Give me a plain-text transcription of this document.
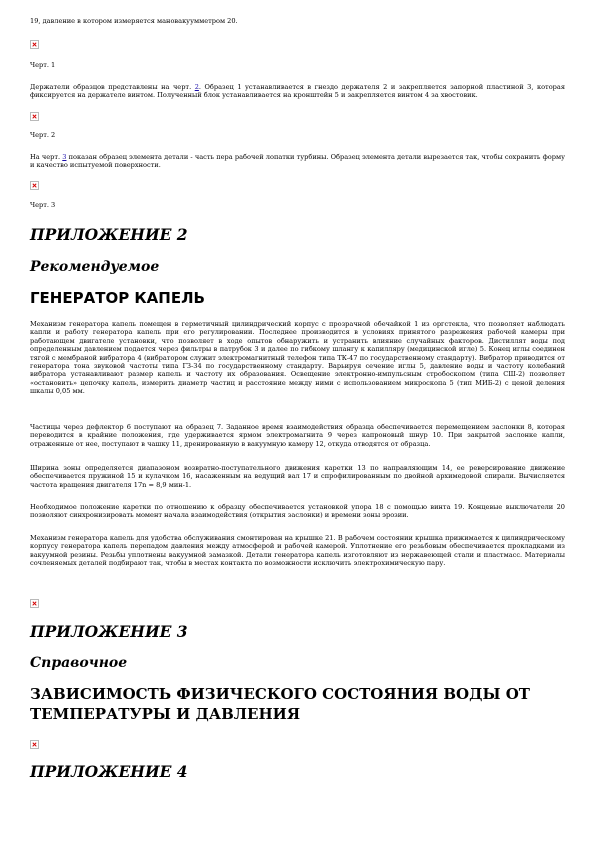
19, давление в котором измеряется мановакуумметром 20.

Черт. 1

Держатели образцов представлены на черт. 2. Образец 1 устанавливается в гнездо держателя 2 и закрепляется запорной пластиной 3, которая фиксируется на держателе винтом. Полученный блок устанавливается на кронштейн 5 и закрепляется винтом 4 за хвостовик.

Черт. 2

На черт. 3 показан образец элемента детали - часть пера рабочей лопатки турбины. Образец элемента детали вырезается так, чтобы сохранить форму и качество испытуемой поверхности.

Черт. 3

ПРИЛОЖЕНИЕ 2
Рекомендуемое
ГЕНЕРАТОР КАПЕЛЬ

Механизм генератора капель помещен в герметичный цилиндрический корпус с прозрачной обечайкой 1 из оргстекла, что позволяет наблюдать капли и работу генератора капель при его регулировании. Последнее производится в условиях принятого разрежения рабочей камеры при работающем двигателе установки, что позволяет в ходе опытов обнаружить и устранить влияние случайных факторов. Дистиллят воды под определенным давлением подается через фильтры в патрубок 3 и далее по гибкому шлангу к капилляру (медицинской игле) 5. Конец иглы соединен тягой с мембраной вибратора 4 (вибратором служит электромагнитный телефон типа ТК-47 по государственному стандарту). Вибратор приводится от генератора тона звуковой частоты типа ГЗ-34 по государственному стандарту. Варьируя сечение иглы 5, давление воды и частоту колебаний вибратора устанавливают размер капель и частоту их образования. Освещение электронно-импульсным стробоскопом (типа СШ-2) позволяет «остановить» цепочку капель, измерить диаметр частиц и расстояние между ними с использованием микроскопа 5 (тип МИБ-2) с ценой деления шкалы 0,05 мм.

Частицы через дефлектор 6 поступают на образец 7. Заданное время взаимодействия образца обеспечивается перемещением заслонки 8, которая переводится в крайние положения, где удерживается ярмом электромагнита 9 через капроновый шнур 10. При закрытой заслонке капли, отраженные от нее, поступают в чашку 11, дренированную в вакуумную камеру 12, откуда отводятся от образца.

Ширина зоны определяется диапазоном возвратно-поступательного движения каретки 13 по направляющим 14, ее реверсирование движение обеспечивается пружиной 15 и кулачком 16, насаженным на ведущий вал 17 и спрофилированным по двойной архимедовой спирали. Вычисляется частота вращения двигателя 17n = 8,9 мин-1.

Необходимое положение каретки по отношению к образцу обеспечивается установкой упора 18 с помощью винта 19. Концевые выключатели 20 позволяют синхронизировать момент начала взаимодействия (открытия заслонки) и времени зоны эрозии.

Механизм генератора капель для удобства обслуживания смонтирован на крышке 21. В рабочем состоянии крышка прижимается к цилиндрическому корпусу генератора капель перепадом давления между атмосферой и рабочей камерой. Уплотнение его резьбовым обеспечивается прокладками из вакуумной резины. Резьбы уплотнены вакуумной замазкой. Детали генератора капель изготовляют из нержавеющей стали и пластмасс. Материалы сочленяемых деталей подбирают так, чтобы в местах контакта по возможности исключить электрохимическую пару.

ПРИЛОЖЕНИЕ 3
Справочное
ЗАВИСИМОСТЬ ФИЗИЧЕСКОГО СОСТОЯНИЯ ВОДЫ ОТ
ТЕМПЕРАТУРЫ И ДАВЛЕНИЯ
ПРИЛОЖЕНИЕ 4
